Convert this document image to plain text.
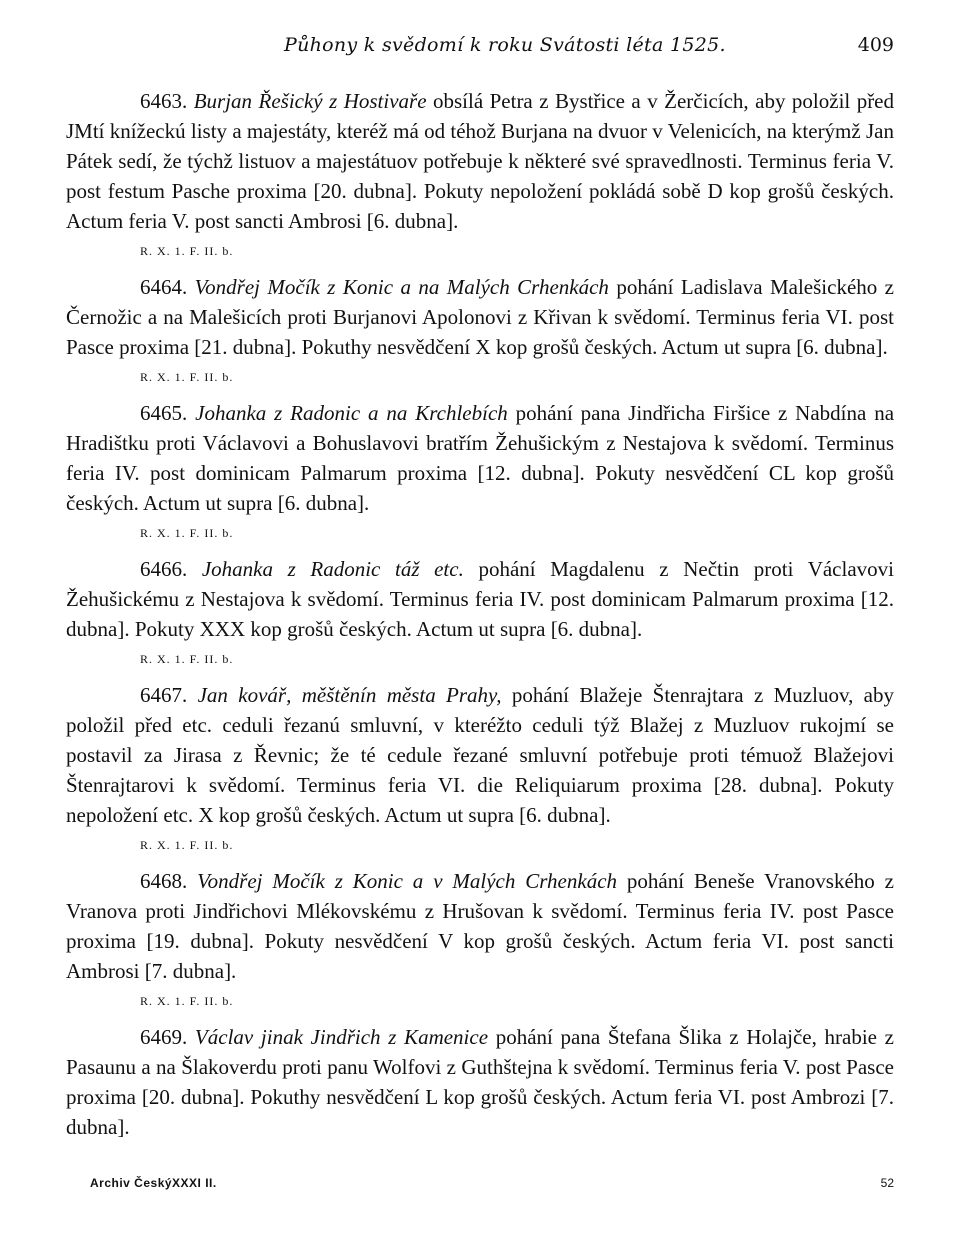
Půhony k svědomí k roku Svátosti léta 1525.	409

6463. Burjan Řešický z Hostivaře obsílá Petra z Bystřice a v Žerčicích, aby položil před JMtí knížeckú listy a majestáty, kteréž má od téhož Burjana na dvuor v Velenicích, na kterýmž Jan Pátek sedí, že týchž listuov a majestátuov potřebuje k některé své spravedlnosti. Terminus feria V. post festum Pasche proxima [20. dubna]. Pokuty nepoložení pokládá sobě D kop grošů českých. Actum feria V. post sancti Ambrosi [6. dubna].

R. X. 1. F. II. b.

6464. Vondřej Močík z Konic a na Malých Crhenkách pohání Ladislava Malešického z Černožic a na Malešicích proti Burjanovi Apolonovi z Křivan k svědomí. Terminus feria VI. post Pasce proxima [21. dubna]. Pokuthy nesvědčení X kop grošů českých. Actum ut supra [6. dubna].

R. X. 1. F. II. b.

6465. Johanka z Radonic a na Krchlebích pohání pana Jindřicha Firšice z Nabdína na Hradištku proti Václavovi a Bohuslavovi bratřím Žehušickým z Nestajova k svědomí. Terminus feria IV. post dominicam Palmarum proxima [12. dubna]. Pokuty nesvědčení CL kop grošů českých. Actum ut supra [6. dubna].

R. X. 1. F. II. b.

6466. Johanka z Radonic táž etc. pohání Magdalenu z Nečtin proti Václavovi Žehušickému z Nestajova k svědomí. Terminus feria IV. post dominicam Palmarum proxima [12. dubna]. Pokuty XXX kop grošů českých. Actum ut supra [6. dubna].

R. X. 1. F. II. b.

6467. Jan kovář, měštěnín města Prahy, pohání Blažeje Štenrajtara z Muzluov, aby položil před etc. ceduli řezanú smluvní, v kteréžto ceduli týž Blažej z Muzluov rukojmí se postavil za Jirasa z Řevnic; že té cedule řezané smluvní potřebuje proti témuož Blažejovi Štenrajtarovi k svědomí. Terminus feria VI. die Reliquiarum proxima [28. dubna]. Pokuty nepoložení etc. X kop grošů českých. Actum ut supra [6. dubna].

R. X. 1. F. II. b.

6468. Vondřej Močík z Konic a v Malých Crhenkách pohání Beneše Vranovského z Vranova proti Jindřichovi Mlékovskému z Hrušovan k svědomí. Terminus feria IV. post Pasce proxima [19. dubna]. Pokuty nesvědčení V kop grošů českých. Actum feria VI. post sancti Ambrosi [7. dubna].

R. X. 1. F. II. b.

6469. Václav jinak Jindřich z Kamenice pohání pana Štefana Šlika z Holajče, hrabie z Pasaunu a na Šlakoverdu proti panu Wolfovi z Guthštejna k svědomí. Terminus feria V. post Pasce proxima [20. dubna]. Pokuthy nesvědčení L kop grošů českých. Actum feria VI. post Ambrozi [7. dubna].

Archiv ČeskýXXXI II.	52
